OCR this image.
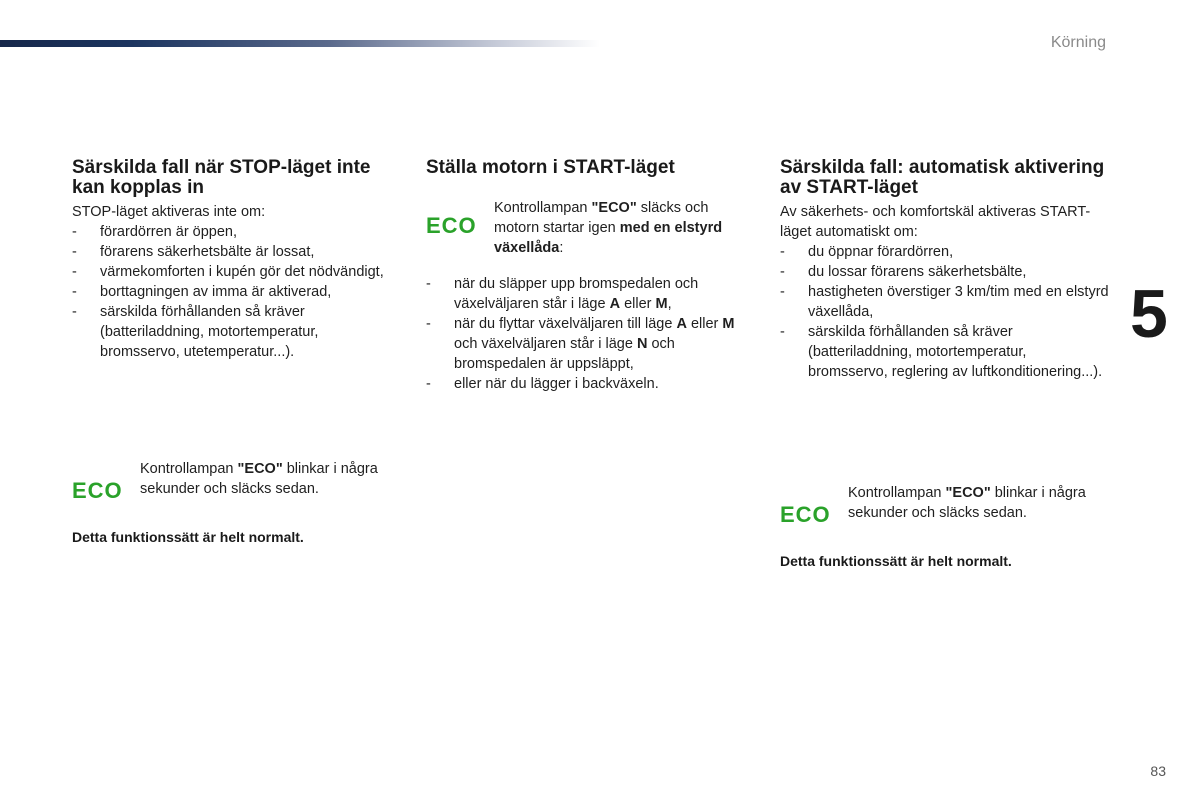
Körning
5
83
Särskilda fall när STOP-läget inte kan kopplas in

STOP-läget aktiveras inte om:

- förardörren är öppen,
- förarens säkerhetsbälte är lossat,
- värmekomforten i kupén gör det nödvändigt,
- borttagningen av imma är aktiverad,
- särskilda förhållanden så kräver (batteriladdning, motortemperatur, bromsservo, utetemperatur...).
ECO
Kontrollampan "ECO" blinkar i några sekunder och släcks sedan.
Detta funktionssätt är helt normalt.
Ställa motorn i START-läget
ECO
Kontrollampan "ECO" släcks och motorn startar igen med en elstyrd växellåda:
- när du släpper upp bromspedalen och växelväljaren står i läge A eller M,
- när du flyttar växelväljaren till läge A eller M och växelväljaren står i läge N och bromspedalen är uppsläppt,
- eller när du lägger i backväxeln.
Särskilda fall: automatisk aktivering av START-läget

Av säkerhets- och komfortskäl aktiveras START-läget automatiskt om:

- du öppnar förardörren,
- du lossar förarens säkerhetsbälte,
- hastigheten överstiger 3 km/tim med en elstyrd växellåda,
- särskilda förhållanden så kräver (batteriladdning, motortemperatur, bromsservo, reglering av luftkonditionering...).
ECO
Kontrollampan "ECO" blinkar i några sekunder och släcks sedan.
Detta funktionssätt är helt normalt.
